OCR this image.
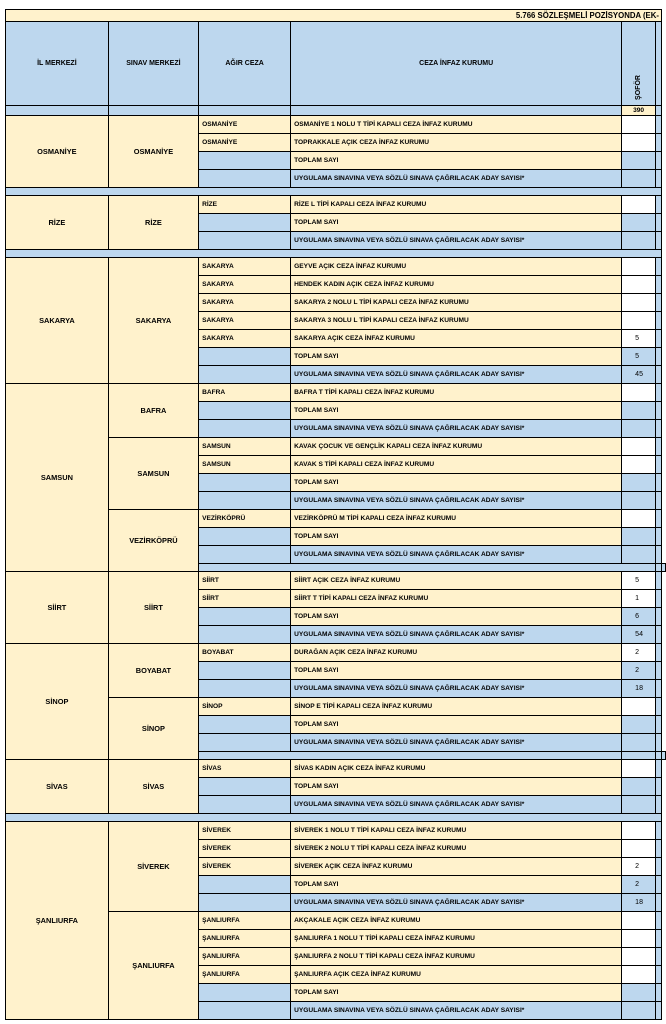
5.766 SÖZLEŞMELİ POZİSYONDA (EK-						
İL MERKEZİ	SINAV MERKEZİ	AĞIR CEZA	CEZA İNFAZ KURUMU	ŞOFÖR		
				390		
OSMANİYE	OSMANİYE	OSMANİYE	OSMANİYE 1 NOLU T TİPİ KAPALI CEZA İNFAZ KURUMU			
		OSMANİYE	TOPRAKKALE AÇIK CEZA İNFAZ KURUMU			
			TOPLAM SAYI			
			UYGULAMA SINAVINA VEYA SÖZLÜ SINAVA ÇAĞRILACAK ADAY SAYISI*			

RİZE	RİZE	RİZE	RİZE L TİPİ KAPALI CEZA İNFAZ KURUMU			
			TOPLAM SAYI			
			UYGULAMA SINAVINA VEYA SÖZLÜ SINAVA ÇAĞRILACAK ADAY SAYISI*			

SAKARYA	SAKARYA	SAKARYA	GEYVE AÇIK CEZA İNFAZ KURUMU			
		SAKARYA	HENDEK KADIN AÇIK CEZA İNFAZ KURUMU			
		SAKARYA	SAKARYA 2 NOLU L TİPİ KAPALI CEZA İNFAZ KURUMU			
		SAKARYA	SAKARYA 3 NOLU L TİPİ KAPALI CEZA İNFAZ KURUMU			
		SAKARYA	SAKARYA AÇIK CEZA İNFAZ KURUMU	5		
			TOPLAM SAYI	5		
			UYGULAMA SINAVINA VEYA SÖZLÜ SINAVA ÇAĞRILACAK ADAY SAYISI*	45		
SAMSUN	BAFRA	BAFRA	BAFRA T TİPİ KAPALI CEZA İNFAZ KURUMU			
			TOPLAM SAYI			
			UYGULAMA SINAVINA VEYA SÖZLÜ SINAVA ÇAĞRILACAK ADAY SAYISI*			
	SAMSUN	SAMSUN	KAVAK ÇOCUK VE GENÇLİK KAPALI CEZA İNFAZ KURUMU			
		SAMSUN	KAVAK S TİPİ KAPALI CEZA İNFAZ KURUMU			
			TOPLAM SAYI			
			UYGULAMA SINAVINA VEYA SÖZLÜ SINAVA ÇAĞRILACAK ADAY SAYISI*			
	VEZİRKÖPRÜ	VEZİRKÖPRÜ	VEZİRKÖPRÜ M TİPİ KAPALI CEZA İNFAZ KURUMU			
			TOPLAM SAYI			
			UYGULAMA SINAVINA VEYA SÖZLÜ SINAVA ÇAĞRILACAK ADAY SAYISI*			

SİİRT	SİİRT	SİİRT	SİİRT AÇIK CEZA İNFAZ KURUMU	5		
		SİİRT	SİİRT T TİPİ KAPALI CEZA İNFAZ KURUMU	1		
			TOPLAM SAYI	6		
			UYGULAMA SINAVINA VEYA SÖZLÜ SINAVA ÇAĞRILACAK ADAY SAYISI*	54		
SİNOP	BOYABAT	BOYABAT	DURAĞAN AÇIK CEZA İNFAZ KURUMU	2		
			TOPLAM SAYI	2		
			UYGULAMA SINAVINA VEYA SÖZLÜ SINAVA ÇAĞRILACAK ADAY SAYISI*	18		
	SİNOP	SİNOP	SİNOP E TİPİ KAPALI CEZA İNFAZ KURUMU			
			TOPLAM SAYI			
			UYGULAMA SINAVINA VEYA SÖZLÜ SINAVA ÇAĞRILACAK ADAY SAYISI*			

SİVAS	SİVAS	SİVAS	SİVAS KADIN AÇIK CEZA İNFAZ KURUMU			
			TOPLAM SAYI			
			UYGULAMA SINAVINA VEYA SÖZLÜ SINAVA ÇAĞRILACAK ADAY SAYISI*			

ŞANLIURFA	SİVEREK	SİVEREK	SİVEREK 1 NOLU T TİPİ KAPALI CEZA İNFAZ KURUMU			
		SİVEREK	SİVEREK 2 NOLU T TİPİ KAPALI CEZA İNFAZ KURUMU			
		SİVEREK	SİVEREK AÇIK CEZA İNFAZ KURUMU	2		
			TOPLAM SAYI	2		
			UYGULAMA SINAVINA VEYA SÖZLÜ SINAVA ÇAĞRILACAK ADAY SAYISI*	18		
	ŞANLIURFA	ŞANLIURFA	AKÇAKALE AÇIK CEZA İNFAZ KURUMU			
		ŞANLIURFA	ŞANLIURFA 1 NOLU T TİPİ KAPALI CEZA İNFAZ KURUMU			
		ŞANLIURFA	ŞANLIURFA 2 NOLU T TİPİ KAPALI CEZA İNFAZ KURUMU			
		ŞANLIURFA	ŞANLIURFA AÇIK CEZA İNFAZ KURUMU			
			TOPLAM SAYI			
			UYGULAMA SINAVINA VEYA SÖZLÜ SINAVA ÇAĞRILACAK ADAY SAYISI*			
